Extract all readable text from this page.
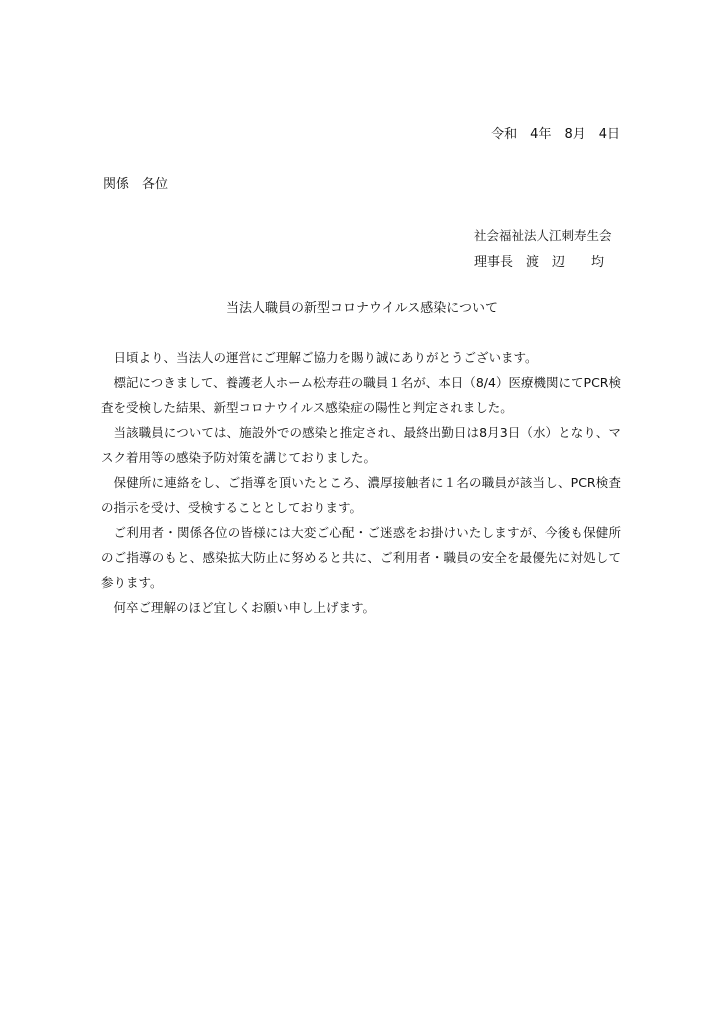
令和　4年　8月　4日
関係　各位
社会福祉法人江刺寿生会
理事長　渡　辺　　均
当法人職員の新型コロナウイルス感染について

日頃より、当法人の運営にご理解ご協力を賜り誠にありがとうございます。

標記につきまして、養護老人ホーム松寿荘の職員１名が、本日（8/4）医療機関にてPCR検査を受検した結果、新型コロナウイルス感染症の陽性と判定されました。

当該職員については、施設外での感染と推定され、最終出勤日は8月3日（水）となり、マスク着用等の感染予防対策を講じておりました。

保健所に連絡をし、ご指導を頂いたところ、濃厚接触者に１名の職員が該当し、PCR検査の指示を受け、受検することとしております。

ご利用者・関係各位の皆様には大変ご心配・ご迷惑をお掛けいたしますが、今後も保健所のご指導のもと、感染拡大防止に努めると共に、ご利用者・職員の安全を最優先に対処して参ります。

何卒ご理解のほど宜しくお願い申し上げます。
